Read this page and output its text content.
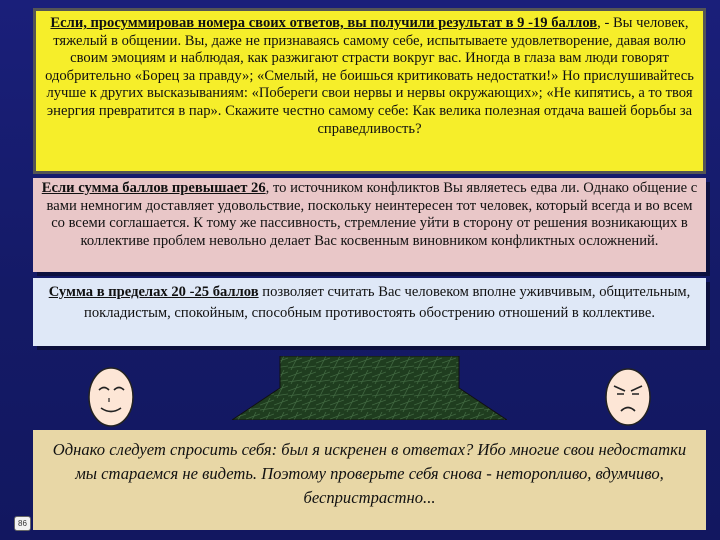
Если, просуммировав номера своих ответов, вы получили результат в 9 -19 баллов, - Вы человек, тяжелый в общении. Вы, даже не признаваясь самому себе, испытываете удовлетворение, давая волю своим эмоциям и наблюдая, как разжигают страсти вокруг вас. Иногда в глаза вам люди говорят одобрительно «Борец за правду»; «Смелый, не боишься критиковать недостатки!» Но прислушивайтесь лучше к других высказываниям: «Побереги свои нервы и нервы окружающих»; «Не кипятись, а то твоя энергия превратится в пар». Скажите честно самому себе: Как велика полезная отдача вашей борьбы за справедливость?
Если сумма баллов превышает 26, то источником конфликтов Вы являетесь едва ли. Однако общение с вами немногим доставляет удовольствие, поскольку неинтересен тот человек, который всегда и во всем со всеми соглашается. К тому же пассивность, стремление уйти в сторону от решения возникающих в коллективе проблем невольно делает Вас косвенным виновником конфликтных осложнений.
Сумма в пределах 20 -25 баллов позволяет считать Вас человеком вполне уживчивым, общительным, покладистым, спокойным, способным противостоять обострению отношений в коллективе.
Однако следует спросить себя: был я искренен в ответах? Ибо многие свои недостатки мы стараемся не видеть. Поэтому проверьте себя снова - неторопливо, вдумчиво, беспристрастно...
86
